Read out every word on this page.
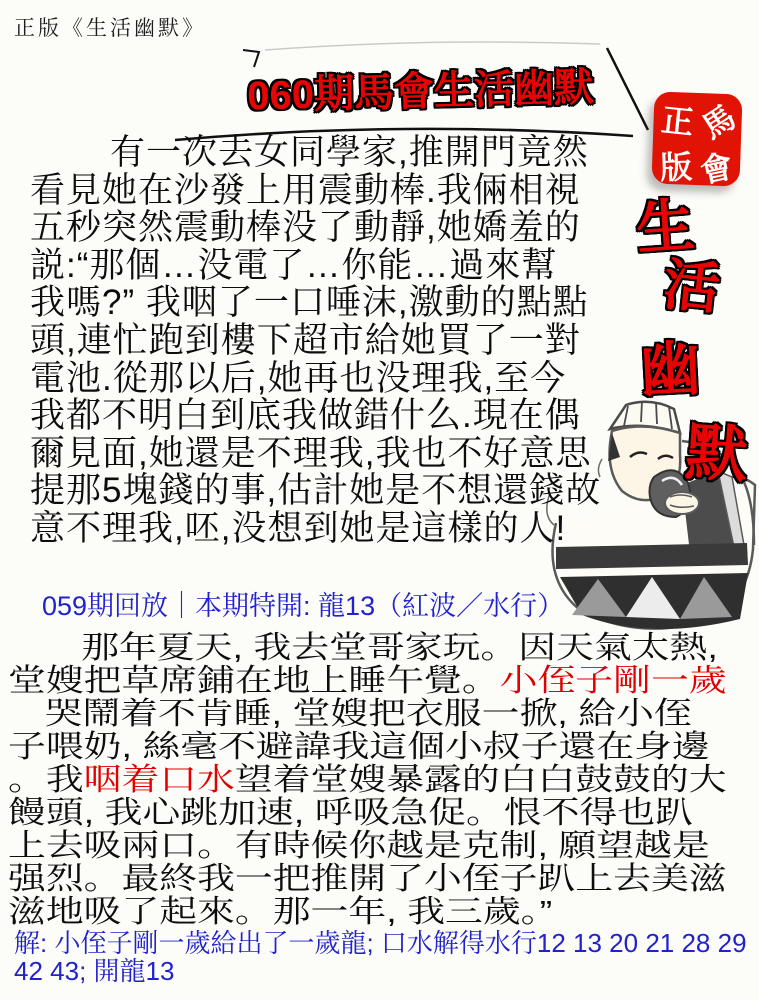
正版《生活幽默》
060期馬會生活幽默
正 馬
版 會
生
活
幽
默
有一次去女同學家,推開門竟然
看見她在沙發上用震動棒.我倆相視
五秒突然震動棒没了動靜,她嬌羞的
説:“那個…没電了…你能…過來幫
我嗎?” 我咽了一口唾沫,激動的點點
頭,連忙跑到樓下超市給她買了一對
電池.從那以后,她再也没理我,至今
我都不明白到底我做錯什么.現在偶
爾見面,她還是不理我,我也不好意思
提那5塊錢的事,估計她是不想還錢故
意不理我,呸,没想到她是這樣的人!
059期回放｜本期特開: 龍13（紅波／水行）
那年夏天, 我去堂哥家玩。因天氣太熱,
堂嫂把草席鋪在地上睡午覺。小侄子剛一歲
哭鬧着不肯睡, 堂嫂把衣服一掀, 給小侄
子喂奶, 絲毫不避諱我這個小叔子還在身邊
。我咽着口水望着堂嫂暴露的白白鼓鼓的大
饅頭, 我心跳加速, 呼吸急促。恨不得也趴
上去吸兩口。有時候你越是克制, 願望越是
强烈。最終我一把推開了小侄子趴上去美滋
滋地吸了起來。那一年, 我三歲。”
解: 小侄子剛一歲給出了一歲龍; 口水解得水行12 13 20 21 28 29
42 43; 開龍13
